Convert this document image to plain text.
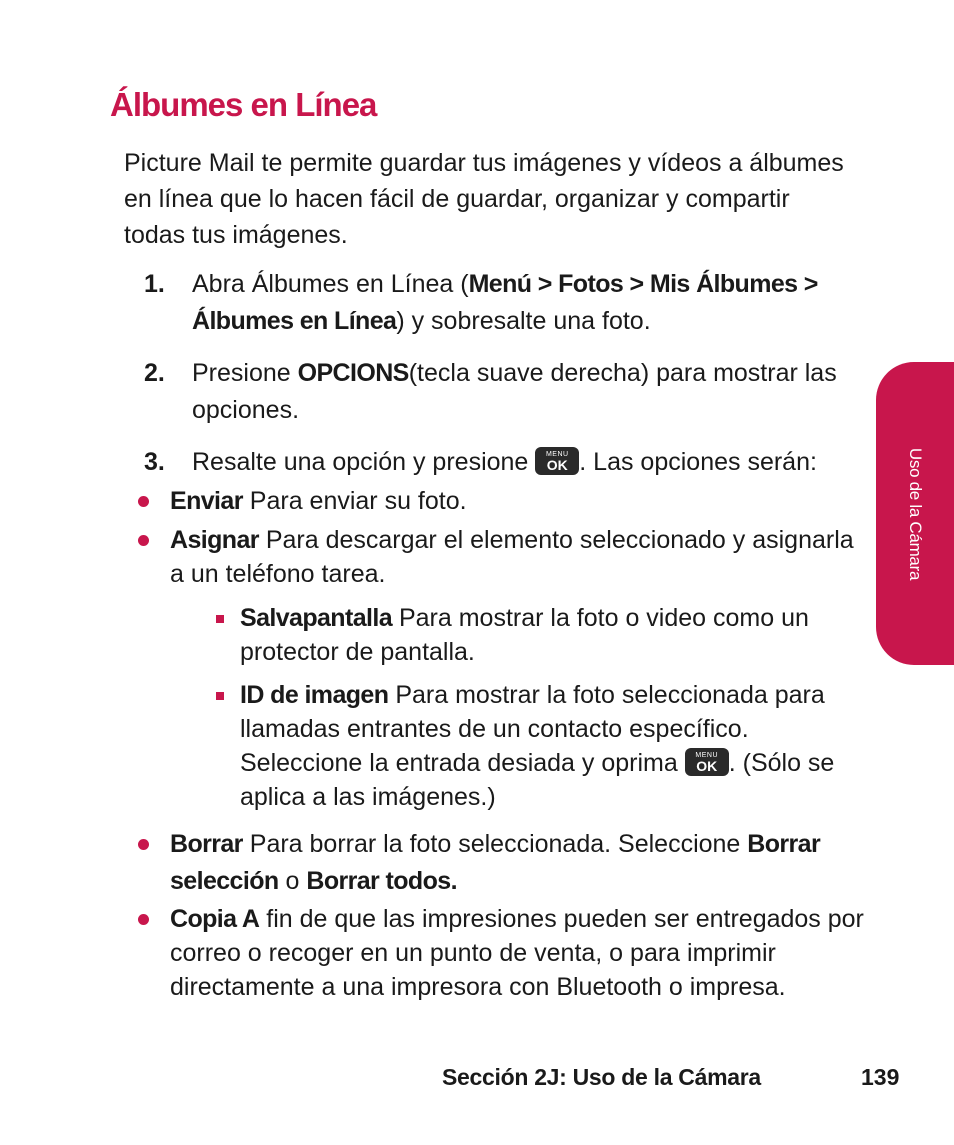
Álbumes en Línea

Picture Mail te permite guardar tus imágenes y vídeos a álbumes en línea que lo hacen fácil de guardar, organizar y compartir todas tus imágenes.

1. Abra Álbumes en Línea (Menú > Fotos > Mis Álbumes > Álbumes en Línea) y sobresalte una foto.
2. Presione OPCIONS(tecla suave derecha) para mostrar las opciones.
3. Resalte una opción y presione	MENU
OK . Las opciones serán:
Enviar Para enviar su foto.
Asignar Para descargar el elemento seleccionado y asignarla a un teléfono tarea.
Salvapantalla Para mostrar la foto o video como un protector de pantalla.
ID de imagen Para mostrar la foto seleccionada para llamadas entrantes de un contacto específico. Seleccione la entrada desiada y oprima	MENU
OK . (Sólo se aplica a las imágenes.)
Borrar Para borrar la foto seleccionada. Seleccione Borrar selección o Borrar todos.
Copia A fin de que las impresiones pueden ser entregados por correo o recoger en un punto de venta, o para imprimir directamente a una impresora con Bluetooth o impresa.
Uso de la Cámara
Sección 2J: Uso de la Cámara	139
